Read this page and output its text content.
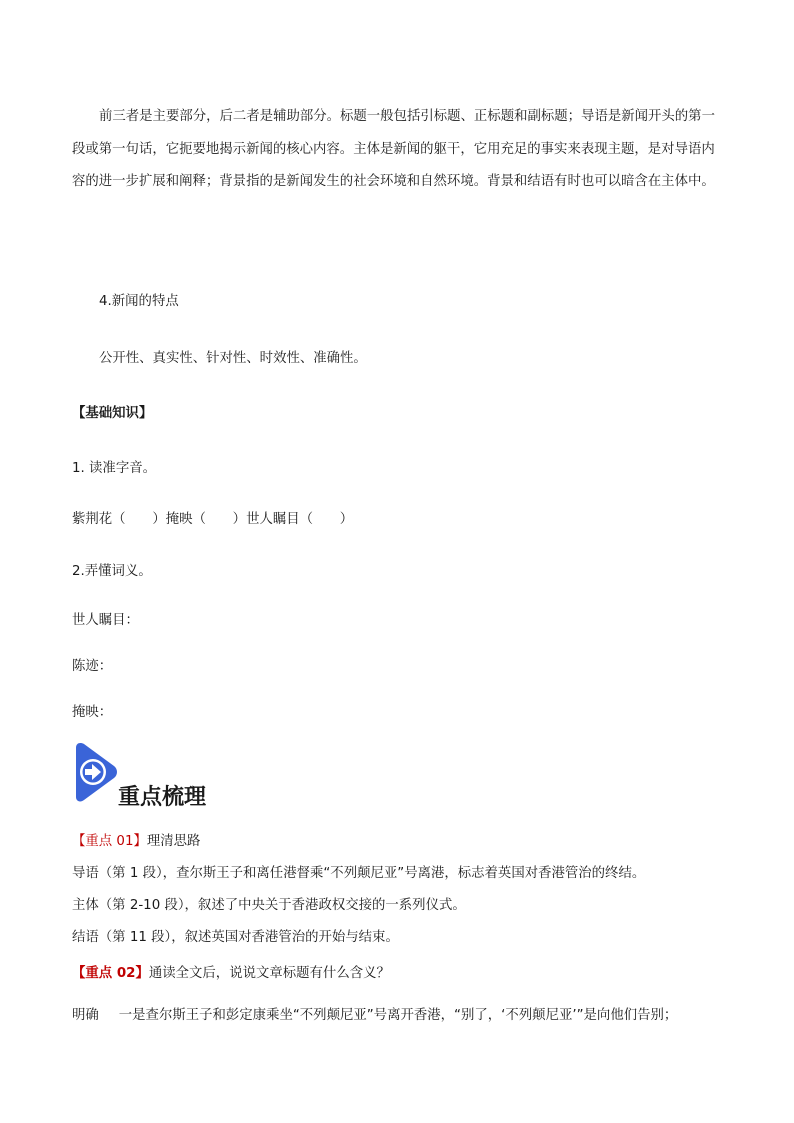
前三者是主要部分，后二者是辅助部分。标题一般包括引标题、正标题和副标题；导语是新闻开头的第一段或第一句话，它扼要地揭示新闻的核心内容。主体是新闻的躯干，它用充足的事实来表现主题，是对导语内容的进一步扩展和阐释；背景指的是新闻发生的社会环境和自然环境。背景和结语有时也可以暗含在主体中。
4.新闻的特点
公开性、真实性、针对性、时效性、准确性。
【基础知识】
1. 读准字音。
紫荆花（　　）掩映（　　）世人瞩目（　　）
2.弄懂词义。
世人瞩目：
陈迹：
掩映：
重点梳理
【重点 01】理清思路
导语（第 1 段），查尔斯王子和离任港督乘“不列颠尼亚”号离港，标志着英国对香港管治的终结。
主体（第 2-10 段），叙述了中央关于香港政权交接的一系列仪式。
结语（第 11 段），叙述英国对香港管治的开始与结束。
【重点 02】通读全文后，说说文章标题有什么含义？
明确 一是查尔斯王子和彭定康乘坐“不列颠尼亚”号离开香港，“别了，‘不列颠尼亚’”是向他们告别；
